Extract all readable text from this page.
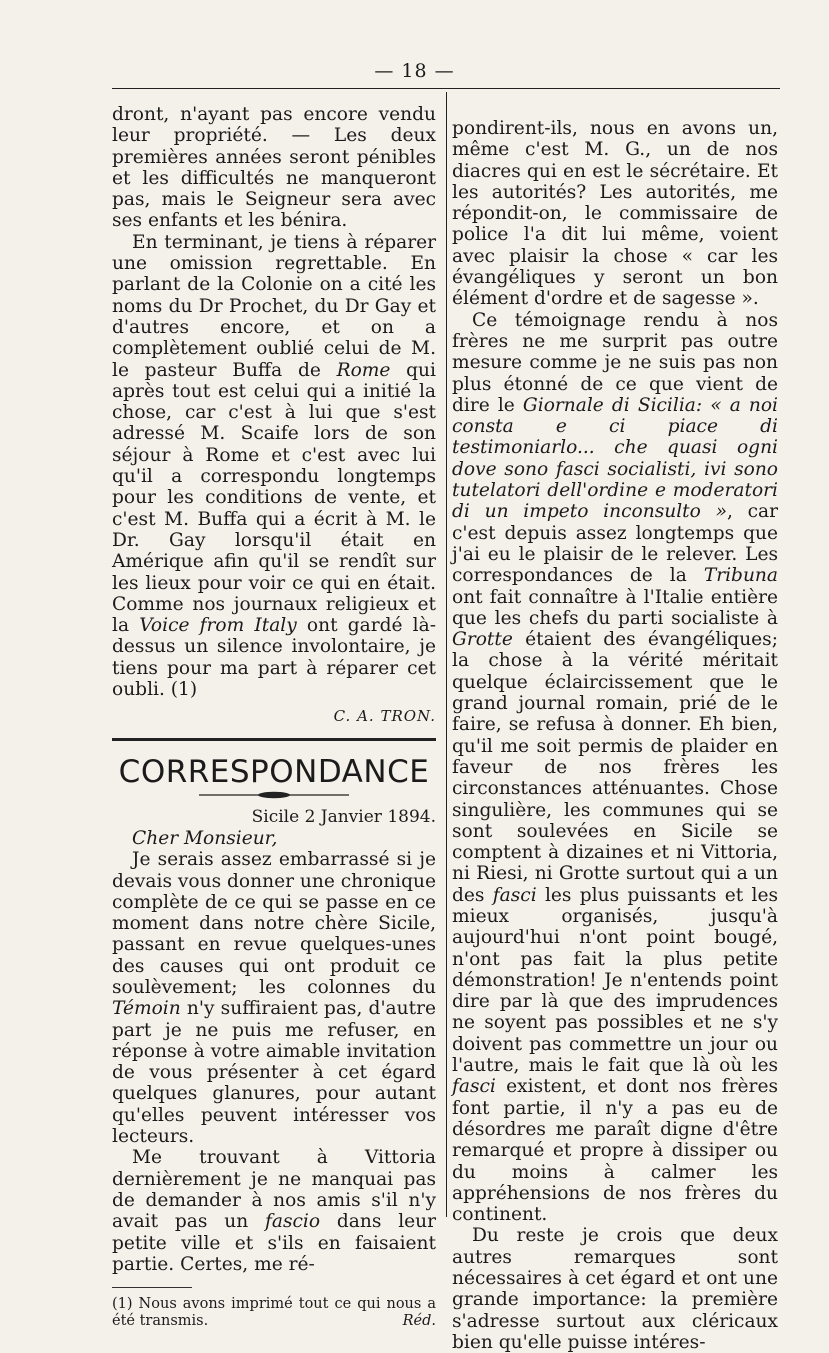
— 18 —

dront, n'ayant pas encore vendu leur propriété. — Les deux premières années seront pénibles et les difficultés ne manqueront pas, mais le Seigneur sera avec ses enfants et les bénira.

En terminant, je tiens à réparer une omission regrettable. En parlant de la Colonie on a cité les noms du Dr Prochet, du Dr Gay et d'autres encore, et on a complètement oublié celui de M. le pasteur Buffa de Rome qui après tout est celui qui a initié la chose, car c'est à lui que s'est adressé M. Scaife lors de son séjour à Rome et c'est avec lui qu'il a correspondu longtemps pour les conditions de vente, et c'est M. Buffa qui a écrit à M. le Dr. Gay lorsqu'il était en Amérique afin qu'il se rendît sur les lieux pour voir ce qui en était. Comme nos journaux religieux et la Voice from Italy ont gardé là-dessus un silence involontaire, je tiens pour ma part à réparer cet oubli. (1)

C. A. TRON.
CORRESPONDANCE
Sicile 2 Janvier 1894.
Cher Monsieur,

Je serais assez embarrassé si je devais vous donner une chronique complète de ce qui se passe en ce moment dans notre chère Sicile, passant en revue quelques-unes des causes qui ont produit ce soulèvement; les colonnes du Témoin n'y suffiraient pas, d'autre part je ne puis me refuser, en réponse à votre aimable invitation de vous présenter à cet égard quelques glanures, pour autant qu'elles peuvent intéresser vos lecteurs.

Me trouvant à Vittoria dernièrement je ne manquai pas de demander à nos amis s'il n'y avait pas un fascio dans leur petite ville et s'ils en faisaient partie. Certes, me ré-

(1) Nous avons imprimé tout ce qui nous a été transmis.	Réd.

pondirent-ils, nous en avons un, même c'est M. G., un de nos diacres qui en est le sécrétaire. Et les autorités? Les autorités, me répondit-on, le commissaire de police l'a dit lui même, voient avec plaisir la chose « car les évangéliques y seront un bon élément d'ordre et de sagesse ».

Ce témoignage rendu à nos frères ne me surprit pas outre mesure comme je ne suis pas non plus étonné de ce que vient de dire le Giornale di Sicilia: « a noi consta e ci piace di testimoniarlo... che quasi ogni dove sono fasci socialisti, ivi sono tutelatori dell'ordine e moderatori di un impeto inconsulto », car c'est depuis assez longtemps que j'ai eu le plaisir de le relever. Les correspondances de la Tribuna ont fait connaître à l'Italie entière que les chefs du parti socialiste à Grotte étaient des évangéliques; la chose à la vérité méritait quelque éclaircissement que le grand journal romain, prié de le faire, se refusa à donner. Eh bien, qu'il me soit permis de plaider en faveur de nos frères les circonstances atténuantes. Chose singulière, les communes qui se sont soulevées en Sicile se comptent à dizaines et ni Vittoria, ni Riesi, ni Grotte surtout qui a un des fasci les plus puissants et les mieux organisés, jusqu'à aujourd'hui n'ont point bougé, n'ont pas fait la plus petite démonstration! Je n'entends point dire par là que des imprudences ne soyent pas possibles et ne s'y doivent pas commettre un jour ou l'autre, mais le fait que là où les fasci existent, et dont nos frères font partie, il n'y a pas eu de désordres me paraît digne d'être remarqué et propre à dissiper ou du moins à calmer les appréhensions de nos frères du continent.

Du reste je crois que deux autres remarques sont nécessaires à cet égard et ont une grande importance: la première s'adresse surtout aux cléricaux bien qu'elle puisse intéres-
